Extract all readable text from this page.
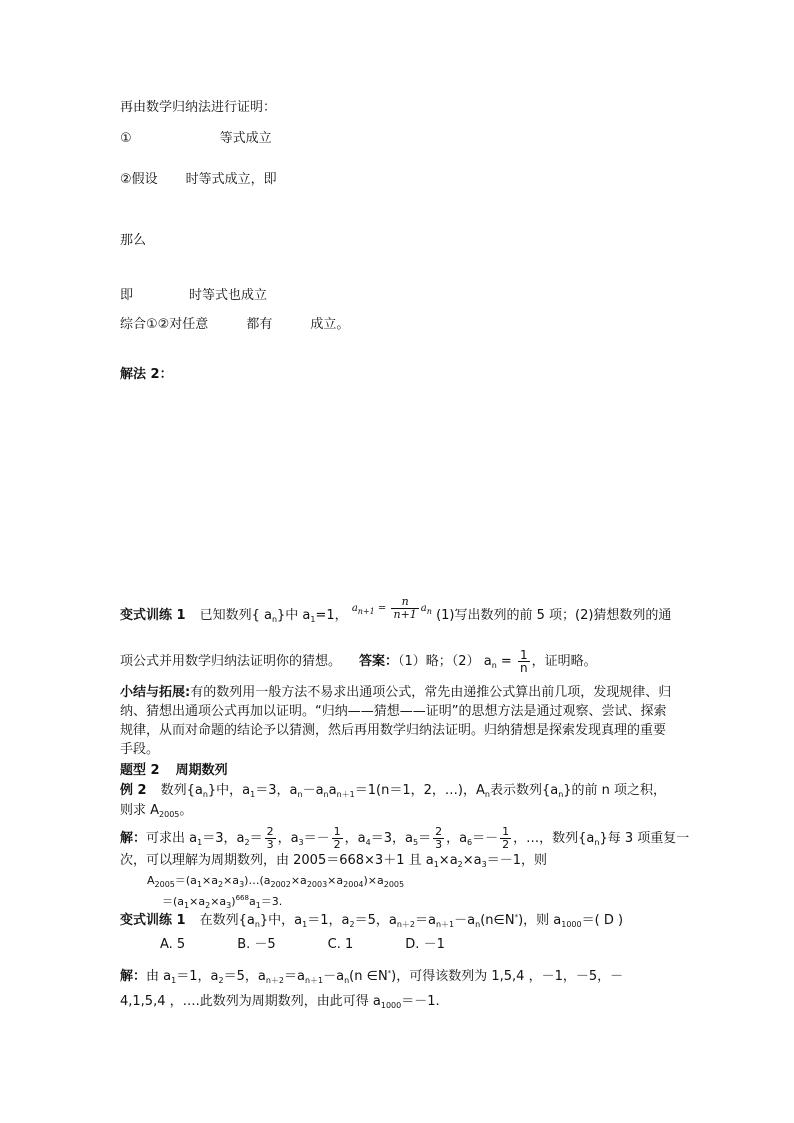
再由数学归纳法进行证明：
①	等式成立
②假设 时等式成立，即
那么
即	时等式也成立
综合①②对任意	都有	成立。
解法 2：
变式训练 1 已知数列{ $a_n$}中 $a_1=1$， $^{a_{n+1} = \frac{n}{n+1} a_n}$ (1)写出数列的前 5 项；(2)猜想数列的通
项公式并用数学归纳法证明你的猜想。 答案：（1）略；（2） $a_n = \frac{1}{n}$ ，证明略。
小结与拓展:有的数列用一般方法不易求出通项公式，常先由递推公式算出前几项，发现规律、归纳、猜想出通项公式再加以证明。“归纳——猜想——证明”的思想方法是通过观察、尝试、探索规律，从而对命题的结论予以猜测，然后再用数学归纳法证明。归纳猜想是探索发现真理的重要手段。
题型 2 周期数列
例 2 数列$\{a_n\}$中，$a_1=3$，$a_n-a_na_{n+1}=1(n=1$，2，…)，$A_n$表示数列$\{a_n\}$的前 n 项之积，
则求 $A_{2005}$。
解：可求出 $a_1=3$，$a_2= \frac{2}{3}$ ，$a_3=- \frac{1}{2}$ ，$a_4=3$，$a_5= \frac{2}{3}$ ，$a_6=- \frac{1}{2}$ ，…，数列$\{a_n\}$每 3 项重复一
次，可以理解为周期数列，由 2005＝668×3＋1 且 $a_1\times a_2\times a_3=-1$，则
$A_{2005}=(a_1\times a_2\times a_3)\dots(a_{2002}\times a_{2003}\times a_{2004})\times a_{2005}$
$=(a_1\times a_2\times a_3)^{668}a_1=3$.
变式训练 1 在数列$\{a_n\}$中，$a_1=1$，$a_2=5$，$a_{n+2}=a_{n+1}-a_n(n\in N^*)$，则 $a_{1000}=$( D )
A. 5	B. －5	C. 1	D. －1
解：由 $a_1=1$，$a_2=5$，$a_{n+2}=a_{n+1}-a_n(n$ ∈N*)，可得该数列为 1,5,4 ，－1，－5，－
4,1,5,4 ，….此数列为周期数列，由此可得 $a_{1000}=-1$.
